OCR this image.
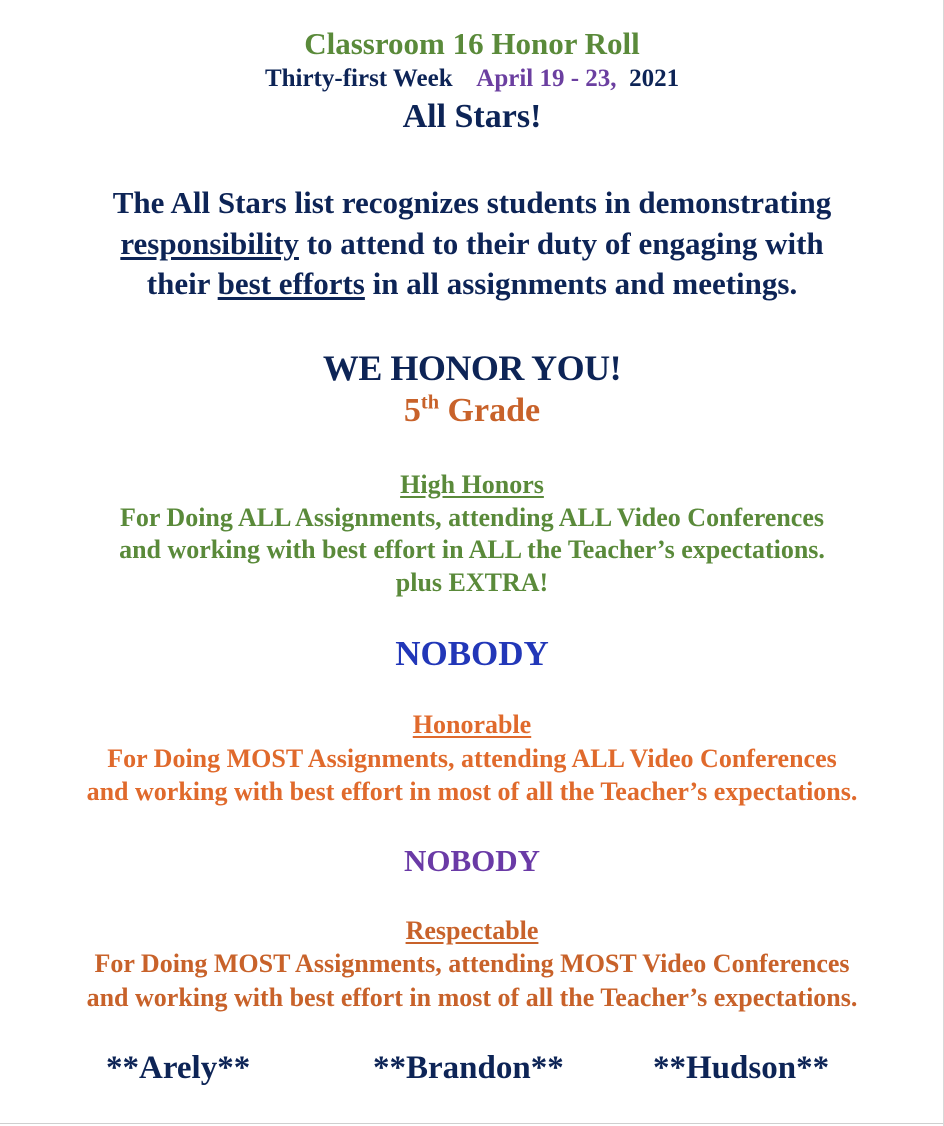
Classroom 16 Honor Roll
Thirty-first Week April 19 - 23, 2021
All Stars!
The All Stars list recognizes students in demonstrating
responsibility to attend to their duty of engaging with
their best efforts in all assignments and meetings.
WE HONOR YOU!
5th Grade
High Honors
For Doing ALL Assignments, attending ALL Video Conferences
and working with best effort in ALL the Teacher’s expectations.
plus EXTRA!
NOBODY
Honorable
For Doing MOST Assignments, attending ALL Video Conferences
and working with best effort in most of all the Teacher’s expectations.
NOBODY
Respectable
For Doing MOST Assignments, attending MOST Video Conferences
and working with best effort in most of all the Teacher’s expectations.
**Arely**	**Brandon**	**Hudson**
